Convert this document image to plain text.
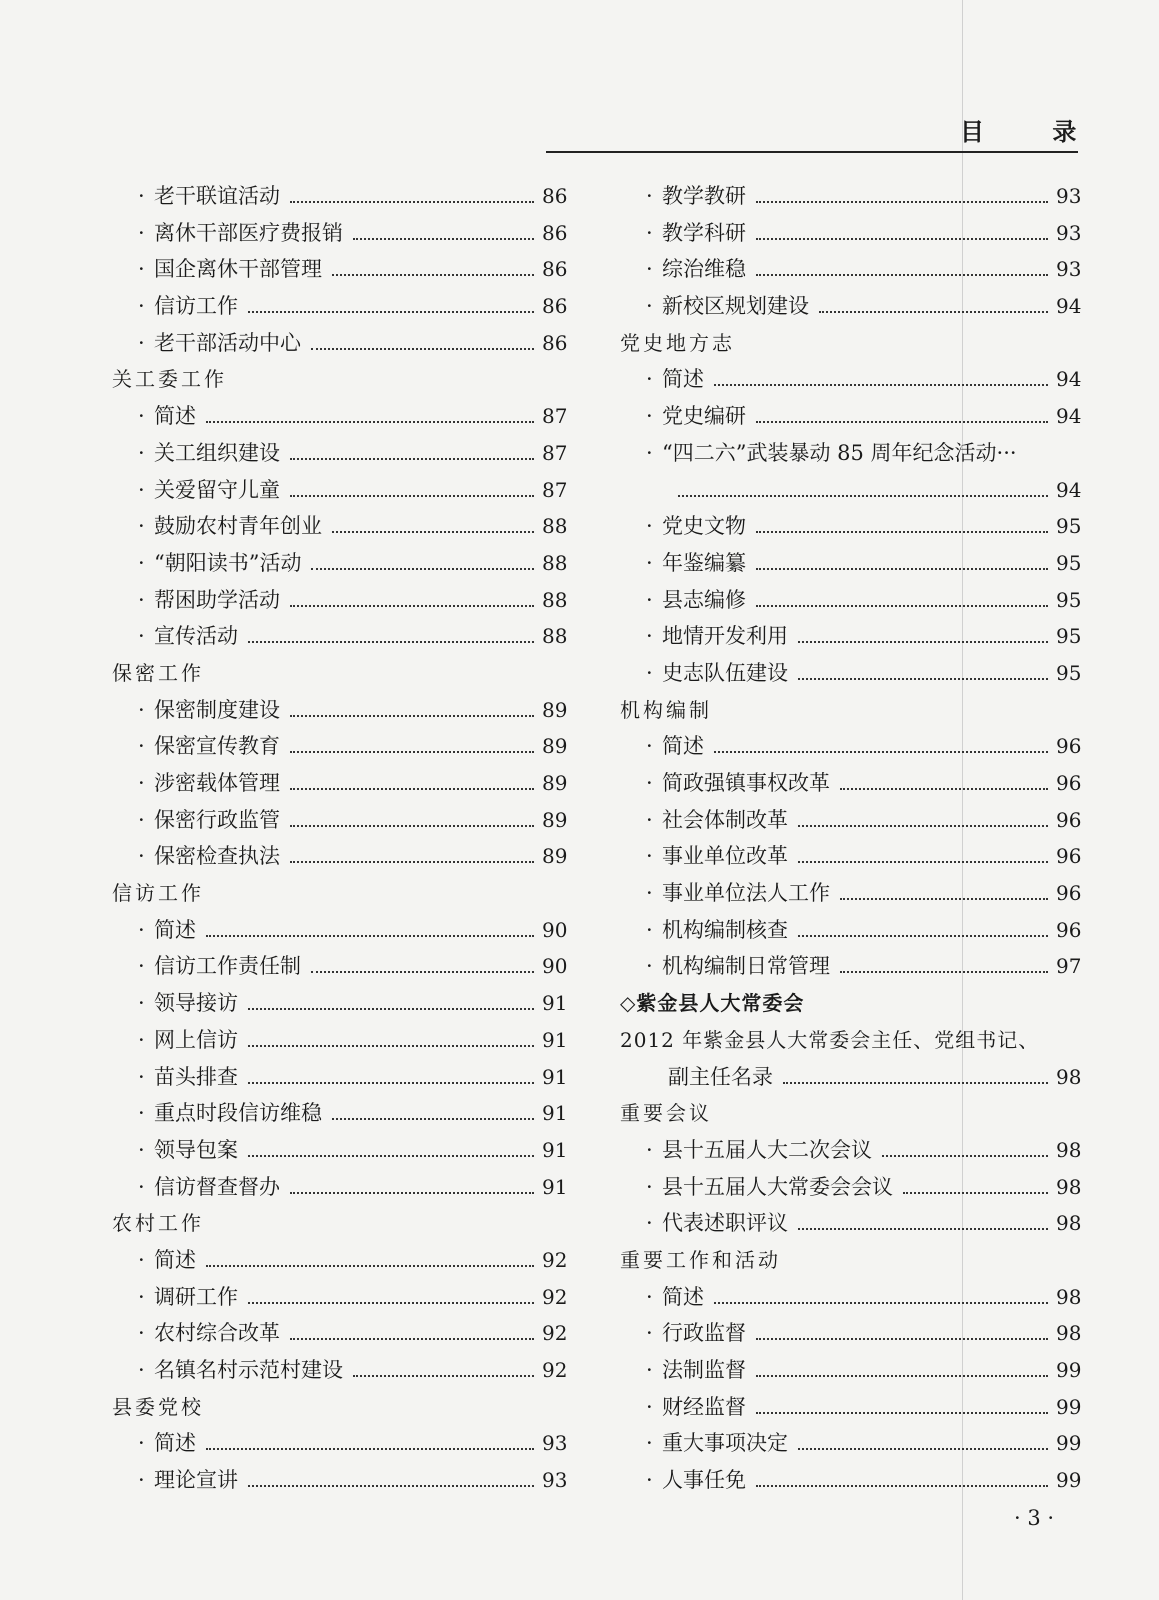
目 录
· 老干联谊活动	86
· 离休干部医疗费报销	86
· 国企离休干部管理	86
· 信访工作	86
· 老干部活动中心	86
关工委工作
· 简述	87
· 关工组织建设	87
· 关爱留守儿童	87
· 鼓励农村青年创业	88
· “朝阳读书”活动	88
· 帮困助学活动	88
· 宣传活动	88
保密工作
· 保密制度建设	89
· 保密宣传教育	89
· 涉密载体管理	89
· 保密行政监管	89
· 保密检查执法	89
信访工作
· 简述	90
· 信访工作责任制	90
· 领导接访	91
· 网上信访	91
· 苗头排查	91
· 重点时段信访维稳	91
· 领导包案	91
· 信访督查督办	91
农村工作
· 简述	92
· 调研工作	92
· 农村综合改革	92
· 名镇名村示范村建设	92
县委党校
· 简述	93
· 理论宣讲	93
· 教学教研	93
· 教学科研	93
· 综治维稳	93
· 新校区规划建设	94
党史地方志
· 简述	94
· 党史编研	94
· “四二六”武装暴动 85 周年纪念活动 ···
94
· 党史文物	95
· 年鉴编纂	95
· 县志编修	95
· 地情开发利用	95
· 史志队伍建设	95
机构编制
· 简述	96
· 简政强镇事权改革	96
· 社会体制改革	96
· 事业单位改革	96
· 事业单位法人工作	96
· 机构编制核查	96
· 机构编制日常管理	97
◇紫金县人大常委会
2012 年紫金县人大常委会主任、党组书记、
副主任名录	98
重要会议
· 县十五届人大二次会议	98
· 县十五届人大常委会会议	98
· 代表述职评议	98
重要工作和活动
· 简述	98
· 行政监督	98
· 法制监督	99
· 财经监督	99
· 重大事项决定	99
· 人事任免	99
· 3 ·
